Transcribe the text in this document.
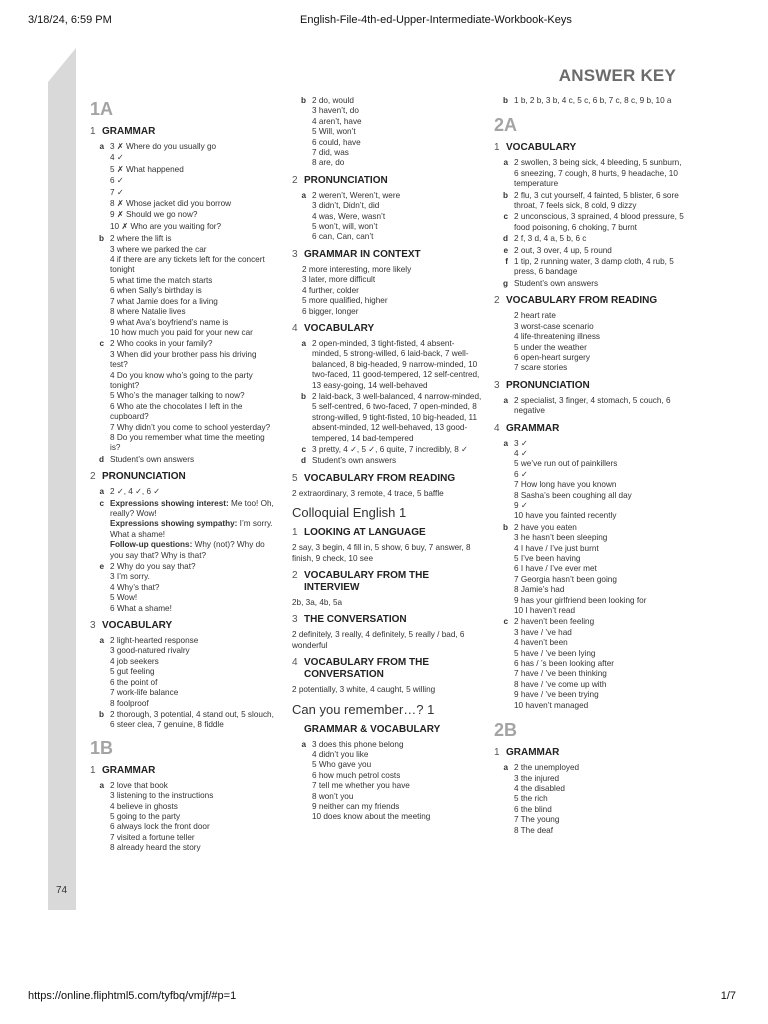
3/18/24, 6:59 PM	English-File-4th-ed-Upper-Intermediate-Workbook-Keys
https://online.fliphtml5.com/tyfbq/vmjf/#p=1	1/7
74
ANSWER KEY
1A
1 GRAMMAR
a 3 ✗ Where do you usually go
4 ✓
5 ✗ What happened
6 ✓
7 ✓
8 ✗ Whose jacket did you borrow
9 ✗ Should we go now?
10 ✗ Who are you waiting for?
b 2 where the lift is
3 where we parked the car
4 if there are any tickets left for the concert tonight
5 what time the match starts
6 when Sally’s birthday is
7 what Jamie does for a living
8 where Natalie lives
9 what Ava’s boyfriend’s name is
10 how much you paid for your new car
c 2 Who cooks in your family?
3 When did your brother pass his driving test?
4 Do you know who’s going to the party tonight?
5 Who’s the manager talking to now?
6 Who ate the chocolates I left in the cupboard?
7 Why didn’t you come to school yesterday?
8 Do you remember what time the meeting is?
d Student’s own answers
2 PRONUNCIATION
a 2 ✓, 4 ✓, 6 ✓
c Expressions showing interest: Me too! Oh, really? Wow!
Expressions showing sympathy: I’m sorry. What a shame!
Follow-up questions: Why (not)? Why do you say that? Why is that?
e 2 Why do you say that?
3 I’m sorry.
4 Why’s that?
5 Wow!
6 What a shame!
3 VOCABULARY
a 2 light-hearted response
3 good-natured rivalry
4 job seekers
5 gut feeling
6 the point of
7 work-life balance
8 foolproof
b 2 thorough, 3 potential, 4 stand out, 5 slouch, 6 steer clea, 7 genuine, 8 fiddle
1B
1 GRAMMAR
a 2 love that book
3 listening to the instructions
4 believe in ghosts
5 going to the party
6 always lock the front door
7 visited a fortune teller
8 already heard the story
b 2 do, would
3 haven’t, do
4 aren’t, have
5 Will, won’t
6 could, have
7 did, was
8 are, do
2 PRONUNCIATION
a 2 weren’t, Weren’t, were
3 didn’t, Didn’t, did
4 was, Were, wasn’t
5 won’t, will, won’t
6 can, Can, can’t
3 GRAMMAR IN CONTEXT
2 more interesting, more likely
3 later, more difficult
4 further, colder
5 more qualified, higher
6 bigger, longer
4 VOCABULARY
a 2 open-minded, 3 tight-fisted, 4 absent-minded, 5 strong-willed, 6 laid-back, 7 well-balanced, 8 big-headed, 9 narrow-minded, 10 two-faced, 11 good-tempered, 12 self-centred, 13 easy-going, 14 well-behaved
b 2 laid-back, 3 well-balanced, 4 narrow-minded, 5 self-centred, 6 two-faced, 7 open-minded, 8 strong-willed, 9 tight-fisted, 10 big-headed, 11 absent-minded, 12 well-behaved, 13 good-tempered, 14 bad-tempered
c 3 pretty, 4 ✓, 5 ✓, 6 quite, 7 incredibly, 8 ✓
d Student’s own answers
5 VOCABULARY FROM READING
2 extraordinary, 3 remote, 4 trace, 5 baffle
Colloquial English 1
1 LOOKING AT LANGUAGE
2 say, 3 begin, 4 fill in, 5 show, 6 buy, 7 answer, 8 finish, 9 check, 10 see
2 VOCABULARY FROM THE INTERVIEW
2b, 3a, 4b, 5a
3 THE CONVERSATION
2 definitely, 3 really, 4 definitely, 5 really / bad, 6 wonderful
4 VOCABULARY FROM THE CONVERSATION
2 potentially, 3 white, 4 caught, 5 willing
Can you remember…? 1
GRAMMAR & VOCABULARY
a 3 does this phone belong
4 didn’t you like
5 Who gave you
6 how much petrol costs
7 tell me whether you have
8 won’t you
9 neither can my friends
10 does know about the meeting
b 1 b, 2 b, 3 b, 4 c, 5 c, 6 b, 7 c, 8 c, 9 b, 10 a
2A
1 VOCABULARY
a 2 swollen, 3 being sick, 4 bleeding, 5 sunburn, 6 sneezing, 7 cough, 8 hurts, 9 headache, 10 temperature
b 2 flu, 3 cut yourself, 4 fainted, 5 blister, 6 sore throat, 7 feels sick, 8 cold, 9 dizzy
c 2 unconscious, 3 sprained, 4 blood pressure, 5 food poisoning, 6 choking, 7 burnt
d 2 f, 3 d, 4 a, 5 b, 6 c
e 2 out, 3 over, 4 up, 5 round
f 1 tip, 2 running water, 3 damp cloth, 4 rub, 5 press, 6 bandage
g Student’s own answers
2 VOCABULARY FROM READING
2 heart rate
3 worst-case scenario
4 life-threatening illness
5 under the weather
6 open-heart surgery
7 scare stories
3 PRONUNCIATION
a 2 specialist, 3 finger, 4 stomach, 5 couch, 6 negative
4 GRAMMAR
a 3 ✓
4 ✓
5 we’ve run out of painkillers
6 ✓
7 How long have you known
8 Sasha’s been coughing all day
9 ✓
10 have you fainted recently
b 2 have you eaten
3 he hasn’t been sleeping
4 I have / I’ve just burnt
5 I’ve been having
6 I have / I’ve ever met
7 Georgia hasn’t been going
8 Jamie’s had
9 has your girlfriend been looking for
10 I haven’t read
c 2 haven’t been feeling
3 have / ’ve had
4 haven’t been
5 have / ’ve been lying
6 has / ’s been looking after
7 have / ’ve been thinking
8 have / ’ve come up with
9 have / ’ve been trying
10 haven’t managed
2B
1 GRAMMAR
a 2 the unemployed
3 the injured
4 the disabled
5 the rich
6 the blind
7 The young
8 The deaf
